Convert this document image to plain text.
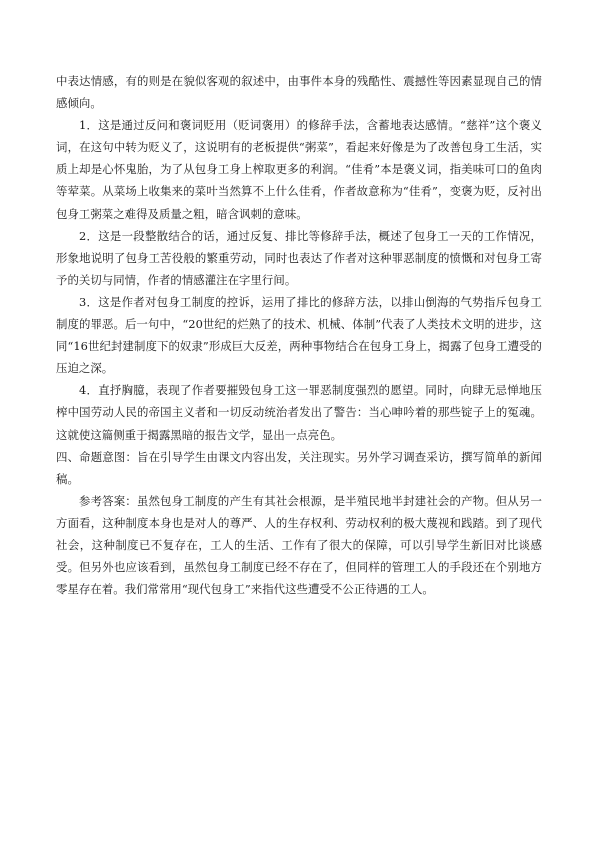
中表达情感，有的则是在貌似客观的叙述中，由事件本身的残酷性、震撼性等因素显现自己的情感倾向。

1．这是通过反问和褒词贬用（贬词褒用）的修辞手法，含蓄地表达感情。“慈祥”这个褒义词，在这句中转为贬义了，这说明有的老板提供“粥菜”，看起来好像是为了改善包身工生活，实质上却是心怀鬼胎，为了从包身工身上榨取更多的利润。“佳肴”本是褒义词，指美味可口的鱼肉等荤菜。从菜场上收集来的菜叶当然算不上什么佳肴，作者故意称为“佳肴”，变褒为贬，反衬出包身工粥菜之难得及质量之粗，暗含讽刺的意味。

2．这是一段整散结合的话，通过反复、排比等修辞手法，概述了包身工一天的工作情况，形象地说明了包身工苦役般的繁重劳动，同时也表达了作者对这种罪恶制度的愤慨和对包身工寄予的关切与同情，作者的情感灌注在字里行间。

3．这是作者对包身工制度的控诉，运用了排比的修辞方法，以排山倒海的气势指斥包身工制度的罪恶。后一句中，“20世纪的烂熟了的技术、机械、体制”代表了人类技术文明的进步，这同“16世纪封建制度下的奴隶”形成巨大反差，两种事物结合在包身工身上，揭露了包身工遭受的压迫之深。

4．直抒胸臆，表现了作者要摧毁包身工这一罪恶制度强烈的愿望。同时，向肆无忌惮地压榨中国劳动人民的帝国主义者和一切反动统治者发出了警告：当心呻吟着的那些锭子上的冤魂。这就使这篇侧重于揭露黑暗的报告文学，显出一点亮色。

四、命题意图：旨在引导学生由课文内容出发，关注现实。另外学习调查采访，撰写简单的新闻稿。

参考答案：虽然包身工制度的产生有其社会根源，是半殖民地半封建社会的产物。但从另一方面看，这种制度本身也是对人的尊严、人的生存权利、劳动权利的极大蔑视和践踏。到了现代社会，这种制度已不复存在，工人的生活、工作有了很大的保障，可以引导学生新旧对比谈感受。但另外也应该看到，虽然包身工制度已经不存在了，但同样的管理工人的手段还在个别地方零星存在着。我们常常用“现代包身工”来指代这些遭受不公正待遇的工人。
